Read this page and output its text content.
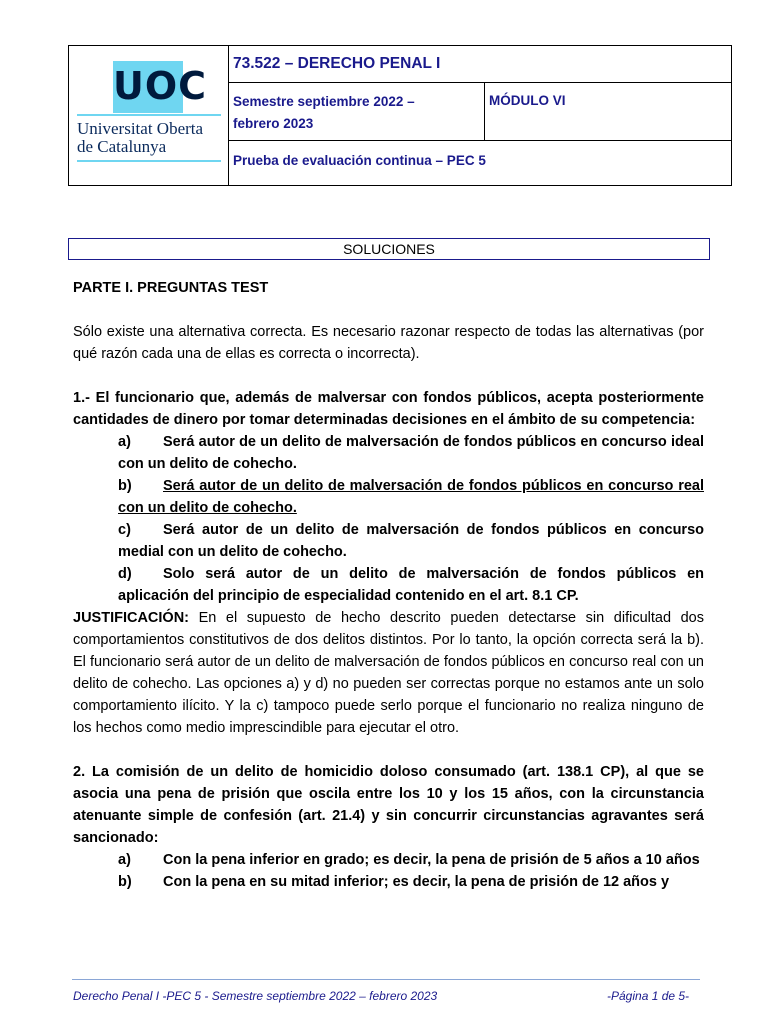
UOC
Universitat Oberta
de Catalunya
73.522 – DERECHO PENAL I
Semestre septiembre 2022 –
febrero 2023
MÓDULO VI
Prueba de evaluación continua – PEC 5
SOLUCIONES

PARTE I. PREGUNTAS TEST

Sólo existe una alternativa correcta. Es necesario razonar respecto de todas las alternativas (por qué razón cada una de ellas es correcta o incorrecta).

1.- El funcionario que, además de malversar con fondos públicos, acepta posteriormente cantidades de dinero por tomar determinadas decisiones en el ámbito de su competencia:

a) Será autor de un delito de malversación de fondos públicos en concurso ideal con un delito de cohecho.
b) Será autor de un delito de malversación de fondos públicos en concurso real con un delito de cohecho.
c) Será autor de un delito de malversación de fondos públicos en concurso medial con un delito de cohecho.
d) Solo será autor de un delito de malversación de fondos públicos en aplicación del principio de especialidad contenido en el art. 8.1 CP.

JUSTIFICACIÓN: En el supuesto de hecho descrito pueden detectarse sin dificultad dos comportamientos constitutivos de dos delitos distintos. Por lo tanto, la opción correcta será la b). El funcionario será autor de un delito de malversación de fondos públicos en concurso real con un delito de cohecho. Las opciones a) y d) no pueden ser correctas porque no estamos ante un solo comportamiento ilícito. Y la c) tampoco puede serlo porque el funcionario no realiza ninguno de los hechos como medio imprescindible para ejecutar el otro.

2. La comisión de un delito de homicidio doloso consumado (art. 138.1 CP), al que se asocia una pena de prisión que oscila entre los 10 y los 15 años, con la circunstancia atenuante simple de confesión (art. 21.4) y sin concurrir circunstancias agravantes será sancionado:

a) Con la pena inferior en grado; es decir, la pena de prisión de 5 años a 10 años
b) Con la pena en su mitad inferior; es decir, la pena de prisión de 12 años y
Derecho Penal I -PEC 5 - Semestre septiembre 2022 – febrero 2023	-Página 1 de 5-
